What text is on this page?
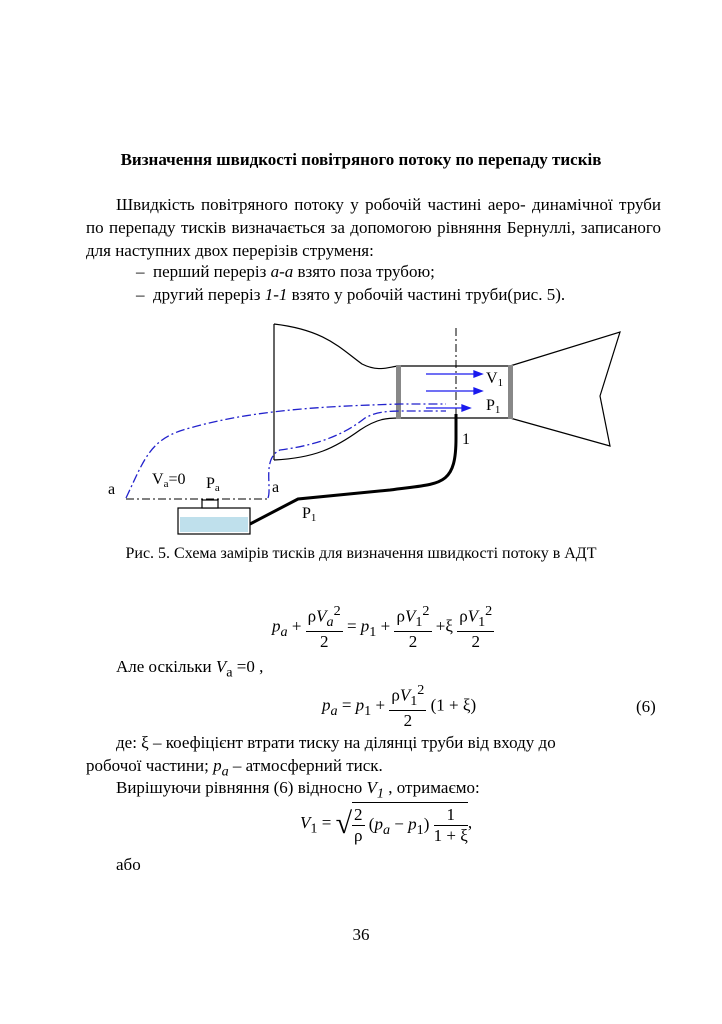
Визначення швидкості повітряного потоку по перепаду тисків
Швидкість повітряного потоку у робочій частині аеро- динамічної труби по перепаду тисків визначається за допомогою рівняння Бернуллі, записаного для наступних двох перерізів струменя:
– перший переріз a-a взято поза трубою;
– другий переріз 1-1 взято у робочій частині труби(рис. 5).
V1
P1
1
a
Va=0 Pa	a
P1
Рис. 5. Схема замірів тисків для визначення швидкості потоку в АДТ
$p_a + \frac{\rho V_a^2}{2} = p_1 + \frac{\rho V_1^2}{2} +\xi \frac{\rho V_1^2}{2}$
Але оскільки $V_a =0$ ,
$p_a = p_1 + \frac{\rho V_1^2}{2} (1 + \xi)$	(6)
де: ξ – коефіцієнт втрати тиску на ділянці труби від входу до
робочої частини; $p_a$ – атмосферний тиск.
Вирішуючи рівняння (6) відносно $V_1$ , отримаємо:
$V_1$ = √ $\frac{2}{\rho} (p_a - p_1) \frac{1}{1 + \xi}$ ,
або
36
